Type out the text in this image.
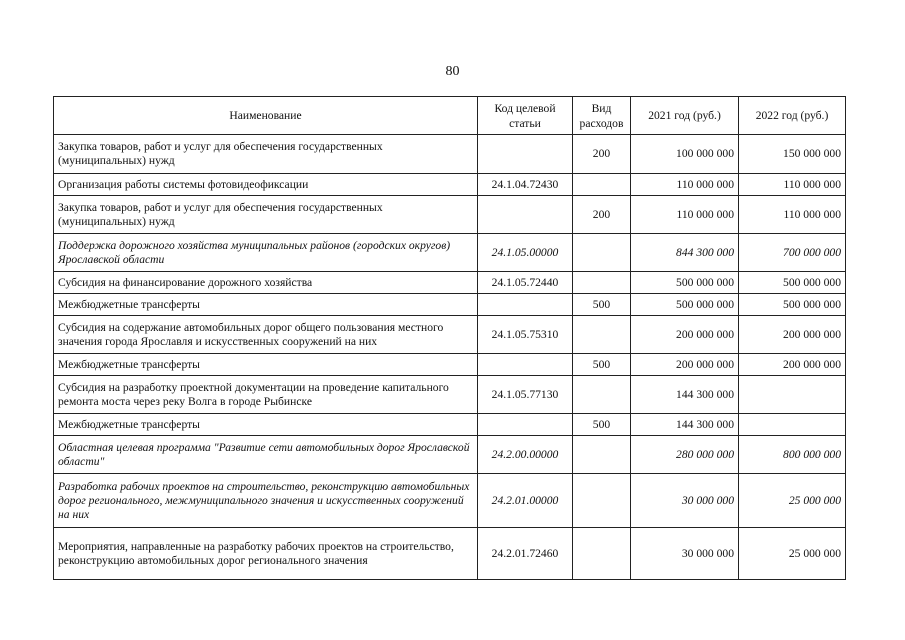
80
Наименование	Код целевой статьи	Вид расходов	2021 год (руб.)	2022 год (руб.)
Закупка товаров, работ и услуг для обеспечения государственных (муниципальных) нужд		200	100 000 000	150 000 000
Организация работы системы фотовидеофиксации	24.1.04.72430		110 000 000	110 000 000
Закупка товаров, работ и услуг для обеспечения государственных (муниципальных) нужд		200	110 000 000	110 000 000
Поддержка дорожного хозяйства муниципальных районов (городских округов) Ярославской области	24.1.05.00000		844 300 000	700 000 000
Субсидия на финансирование дорожного хозяйства	24.1.05.72440		500 000 000	500 000 000
Межбюджетные трансферты		500	500 000 000	500 000 000
Субсидия на содержание автомобильных дорог общего пользования местного значения города Ярославля и искусственных сооружений на них	24.1.05.75310		200 000 000	200 000 000
Межбюджетные трансферты		500	200 000 000	200 000 000
Субсидия на разработку проектной документации на проведение капитального ремонта моста через реку Волга в городе Рыбинске	24.1.05.77130		144 300 000	
Межбюджетные трансферты		500	144 300 000	
Областная целевая программа "Развитие сети автомобильных дорог Ярославской области"	24.2.00.00000		280 000 000	800 000 000
Разработка рабочих проектов на строительство, реконструкцию автомобильных дорог регионального, межмуниципального значения и искусственных сооружений на них	24.2.01.00000		30 000 000	25 000 000
Мероприятия, направленные на разработку рабочих проектов на строительство, реконструкцию автомобильных дорог регионального значения	24.2.01.72460		30 000 000	25 000 000
